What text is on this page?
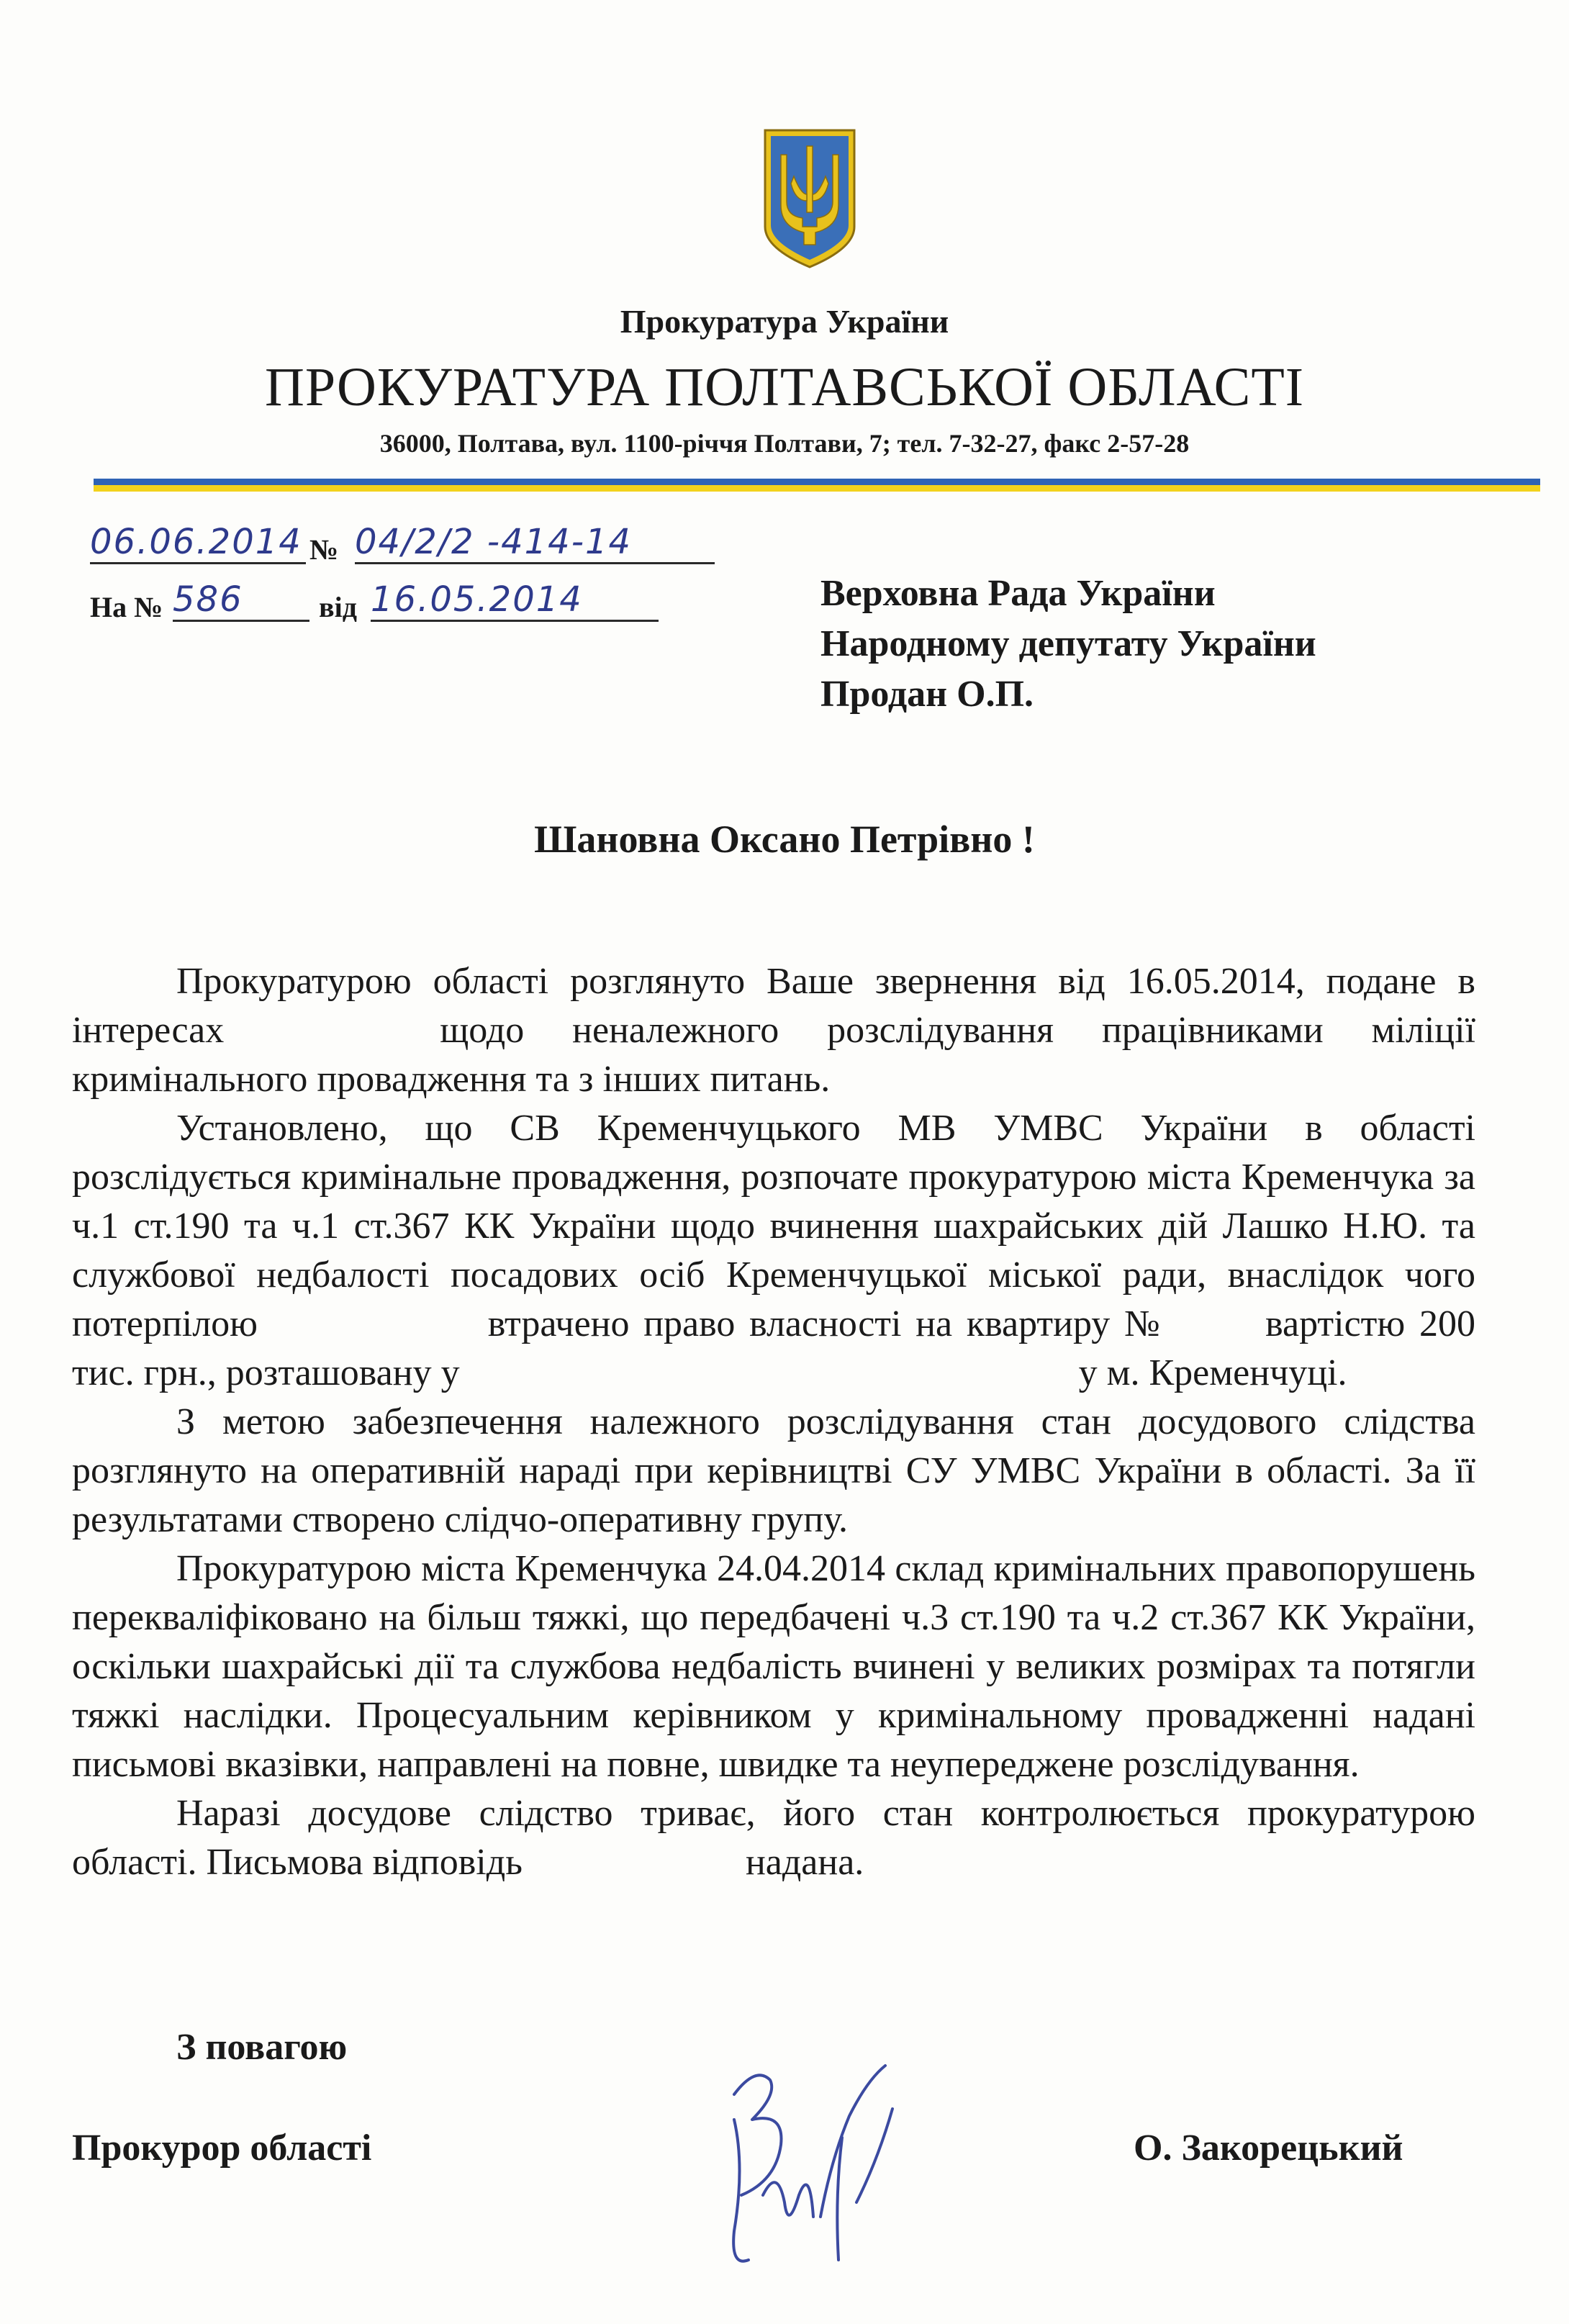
Прокуратура України
ПРОКУРАТУРА ПОЛТАВСЬКОЇ ОБЛАСТІ
36000, Полтава, вул. 1100-річчя Полтави, 7; тел. 7-32-27, факс 2-57-28
06.06.2014 № 04/2/2 -414-14
На № 586	від 16.05.2014	Верховна Рада України
Народному депутату України
Продан О.П.
Шановна Оксано Петрівно !

Прокуратурою області розглянуто Ваше звернення від 16.05.2014, подане в інтересах	щодо неналежного розслідування працівниками міліції кримінального провадження та з інших питань.

Установлено, що СВ Кременчуцького МВ УМВС України в області розслідується кримінальне провадження, розпочате прокуратурою міста Кременчука за ч.1 ст.190 та ч.1 ст.367 КК України щодо вчинення шахрайських дій Лашко Н.Ю. та службової недбалості посадових осіб Кременчуцької міської ради, внаслідок чого потерпілою	втрачено право власності на квартиру №	вартістю 200 тис. грн., розташовану у	у м. Кременчуці.

З метою забезпечення належного розслідування стан досудового слідства розглянуто на оперативній нараді при керівництві СУ УМВС України в області. За її результатами створено слідчо-оперативну групу.

Прокуратурою міста Кременчука 24.04.2014 склад кримінальних правопорушень перекваліфіковано на більш тяжкі, що передбачені ч.3 ст.190 та ч.2 ст.367 КК України, оскільки шахрайські дії та службова недбалість вчинені у великих розмірах та потягли тяжкі наслідки. Процесуальним керівником у кримінальному провадженні надані письмові вказівки, направлені на повне, швидке та неупереджене розслідування.

Наразі досудове слідство триває, його стан контролюється прокуратурою області. Письмова відповідь	надана.

З повагою
Прокурор області	О. Закорецький
